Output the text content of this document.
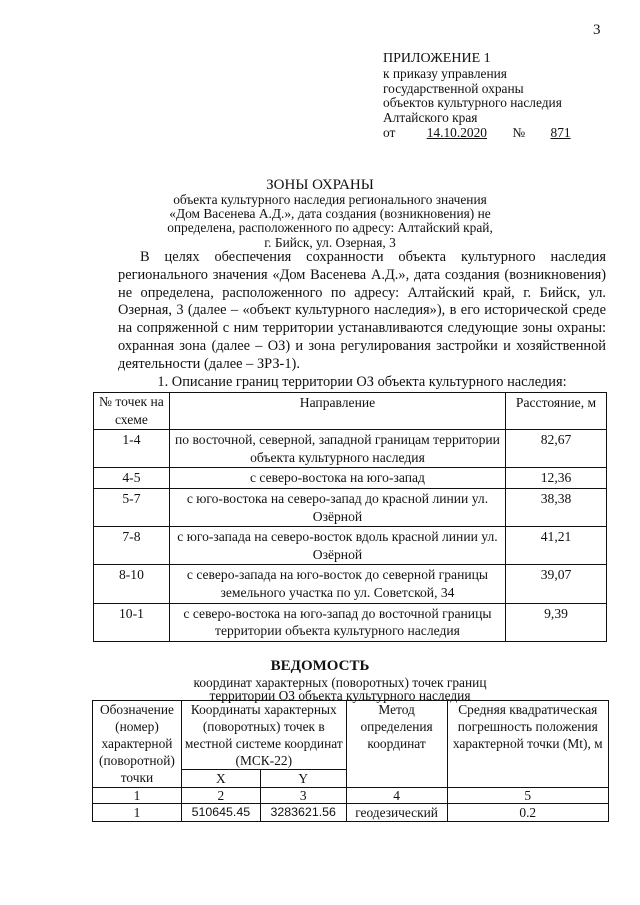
3
ПРИЛОЖЕНИЕ 1
к приказу управления
государственной охраны
объектов культурного наследия
Алтайского края
от 14.10.2020 № 871
ЗОНЫ ОХРАНЫ
объекта культурного наследия регионального значения
«Дом Васенева А.Д.», дата создания (возникновения) не
определена, расположенного по адресу: Алтайский край,
г. Бийск, ул. Озерная, 3

В целях обеспечения сохранности объекта культурного наследия регионального значения «Дом Васенева А.Д.», дата создания (возникновения) не определена, расположенного по адресу: Алтайский край, г. Бийск, ул. Озерная, 3 (далее – «объект культурного наследия»), в его исторической среде на сопряженной с ним территории устанавливаются следующие зоны охраны: охранная зона (далее – ОЗ) и зона регулирования застройки и хозяйственной деятельности (далее – ЗРЗ-1).

1. Описание границ территории ОЗ объекта культурного наследия:
№ точек на схеме	Направление	Расстояние, м
1-4	по восточной, северной, западной границам территории объекта культурного наследия	82,67
4-5	с северо-востока на юго-запад	12,36
5-7	с юго-востока на северо-запад до красной линии ул. Озёрной	38,38
7-8	с юго-запада на северо-восток вдоль красной линии ул. Озёрной	41,21
8-10	с северо-запада на юго-восток до северной границы земельного участка по ул. Советской, 34	39,07
10-1	с северо-востока на юго-запад до восточной границы территории объекта культурного наследия	9,39
ВЕДОМОСТЬ
координат характерных (поворотных) точек границ
территории ОЗ объекта культурного наследия
Обозначение (номер) характерной (поворотной) точки	Координаты характерных (поворотных) точек в местной системе координат (МСК-22)		Метод определения координат	Средняя квадратическая погрешность положения характерной точки (Mt), м
	X	Y		
1	2	3	4	5
1	510645.45	3283621.56	геодезический	0.2
